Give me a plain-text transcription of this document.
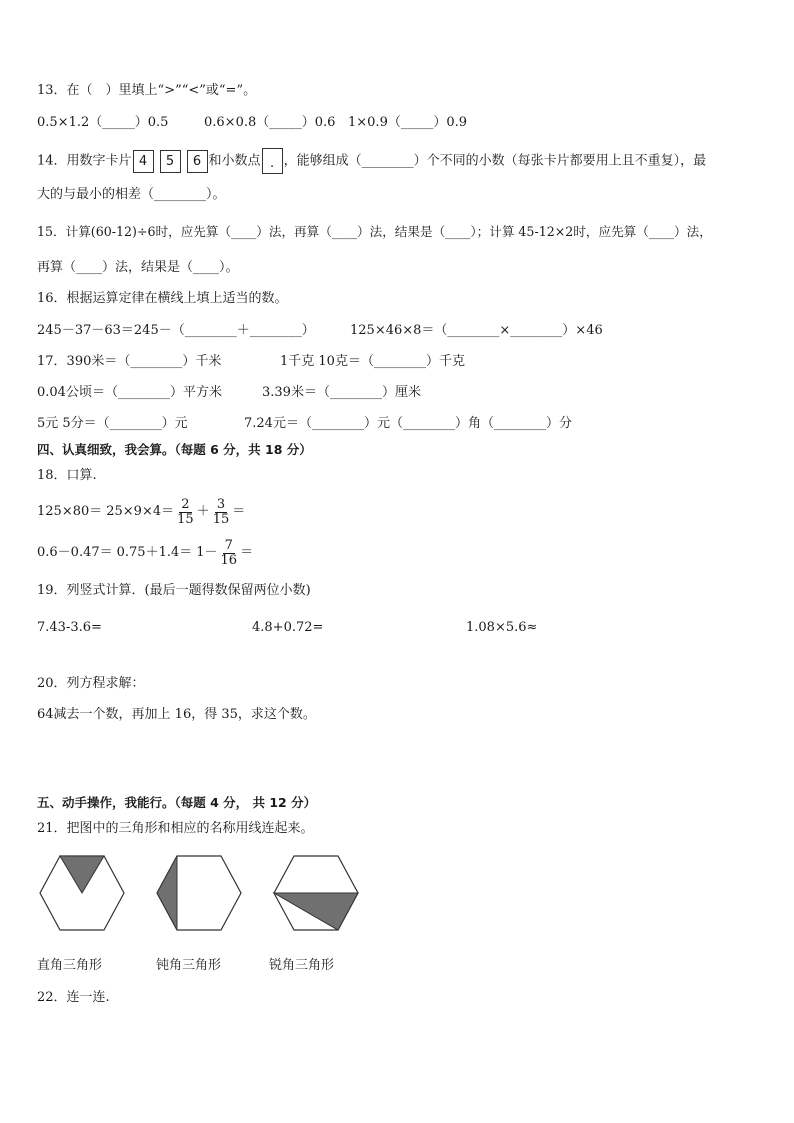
13．在（　）里填上“>”“<”或“=”。
0.5×1.2（_____）0.5	0.6×0.8（_____）0.6 1×0.9（_____）0.9
14．用数字卡片 4 5 6 和小数点 . ，能够组成（________）个不同的小数（每张卡片都要用上且不重复），最
大的与最小的相差（________）。
15．计算(60-12)÷6时，应先算（____）法，再算（____）法，结果是（____）；计算 45-12×2时，应先算（____）法，
再算（____）法，结果是（____）。
16．根据运算定律在横线上填上适当的数。
245－37－63＝245－（________＋________）	125×46×8＝（________×________）×46
17．390米＝（________）千米	1千克 10克＝（________）千克
0.04公顷＝（________）平方米	3.39米＝（________）厘米
5元 5分＝（________）元	7.24元＝（________）元（________）角（________）分
四、认真细致，我会算。（每题 6 分，共 18 分）
18．口算.
$125\times 80= 25\times 9\times 4= \frac{2}{15} + \frac{3}{15}$ ＝
$0.6-0.47= 0.75+1.4= 1- \frac{7}{16}$ ＝
19．列竖式计算．(最后一题得数保留两位小数)
7.43-3.6=	4.8+0.72=	1.08×5.6≈
20．列方程求解：
64减去一个数，再加上 16，得 35，求这个数。
五、动手操作，我能行。（每题 4 分， 共 12 分）
21．把图中的三角形和相应的名称用线连起来。
直角三角形	钝角三角形	锐角三角形
22．连一连.
